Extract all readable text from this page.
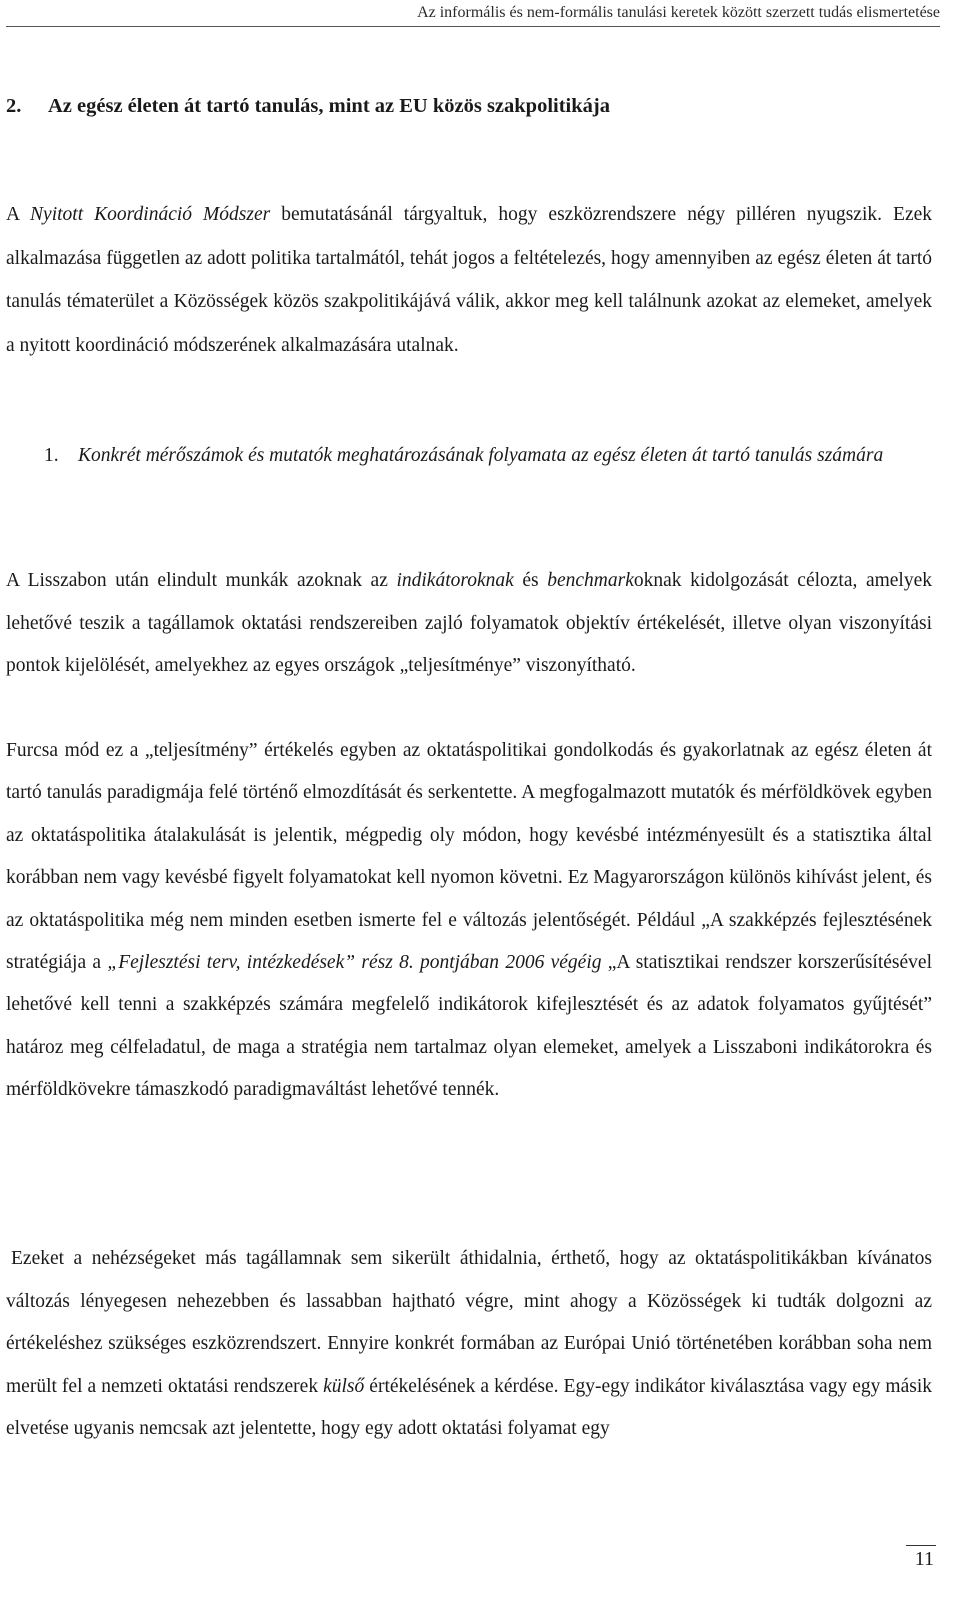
Az informális és nem-formális tanulási keretek között szerzett tudás elismertetése
2. Az egész életen át tartó tanulás, mint az EU közös szakpolitikája

A Nyitott Koordináció Módszer bemutatásánál tárgyaltuk, hogy eszközrendszere négy pilléren nyugszik. Ezek alkalmazása független az adott politika tartalmától, tehát jogos a feltételezés, hogy amennyiben az egész életen át tartó tanulás tématerület a Közösségek közös szakpolitikájává válik, akkor meg kell találnunk azokat az elemeket, amelyek a nyitott koordináció módszerének alkalmazására utalnak.

1. Konkrét mérőszámok és mutatók meghatározásának folyamata az egész életen át tartó tanulás számára

A Lisszabon után elindult munkák azoknak az indikátoroknak és benchmarkoknak kidolgozását célozta, amelyek lehetővé teszik a tagállamok oktatási rendszereiben zajló folyamatok objektív értékelését, illetve olyan viszonyítási pontok kijelölését, amelyekhez az egyes országok „teljesítménye” viszonyítható.

Furcsa mód ez a „teljesítmény” értékelés egyben az oktatáspolitikai gondolkodás és gyakorlatnak az egész életen át tartó tanulás paradigmája felé történő elmozdítását és serkentette. A megfogalmazott mutatók és mérföldkövek egyben az oktatáspolitika átalakulását is jelentik, mégpedig oly módon, hogy kevésbé intézményesült és a statisztika által korábban nem vagy kevésbé figyelt folyamatokat kell nyomon követni. Ez Magyarországon különös kihívást jelent, és az oktatáspolitika még nem minden esetben ismerte fel e változás jelentőségét. Például „A szakképzés fejlesztésének stratégiája a „Fejlesztési terv, intézkedések” rész 8. pontjában 2006 végéig „A statisztikai rendszer korszerűsítésével lehetővé kell tenni a szakképzés számára megfelelő indikátorok kifejlesztését és az adatok folyamatos gyűjtését” határoz meg célfeladatul, de maga a stratégia nem tartalmaz olyan elemeket, amelyek a Lisszaboni indikátorokra és mérföldkövekre támaszkodó paradigmaváltást lehetővé tennék.

Ezeket a nehézségeket más tagállamnak sem sikerült áthidalnia, érthető, hogy az oktatáspolitikákban kívánatos változás lényegesen nehezebben és lassabban hajtható végre, mint ahogy a Közösségek ki tudták dolgozni az értékeléshez szükséges eszközrendszert. Ennyire konkrét formában az Európai Unió történetében korábban soha nem merült fel a nemzeti oktatási rendszerek külső értékelésének a kérdése. Egy-egy indikátor kiválasztása vagy egy másik elvetése ugyanis nemcsak azt jelentette, hogy egy adott oktatási folyamat egy

11
